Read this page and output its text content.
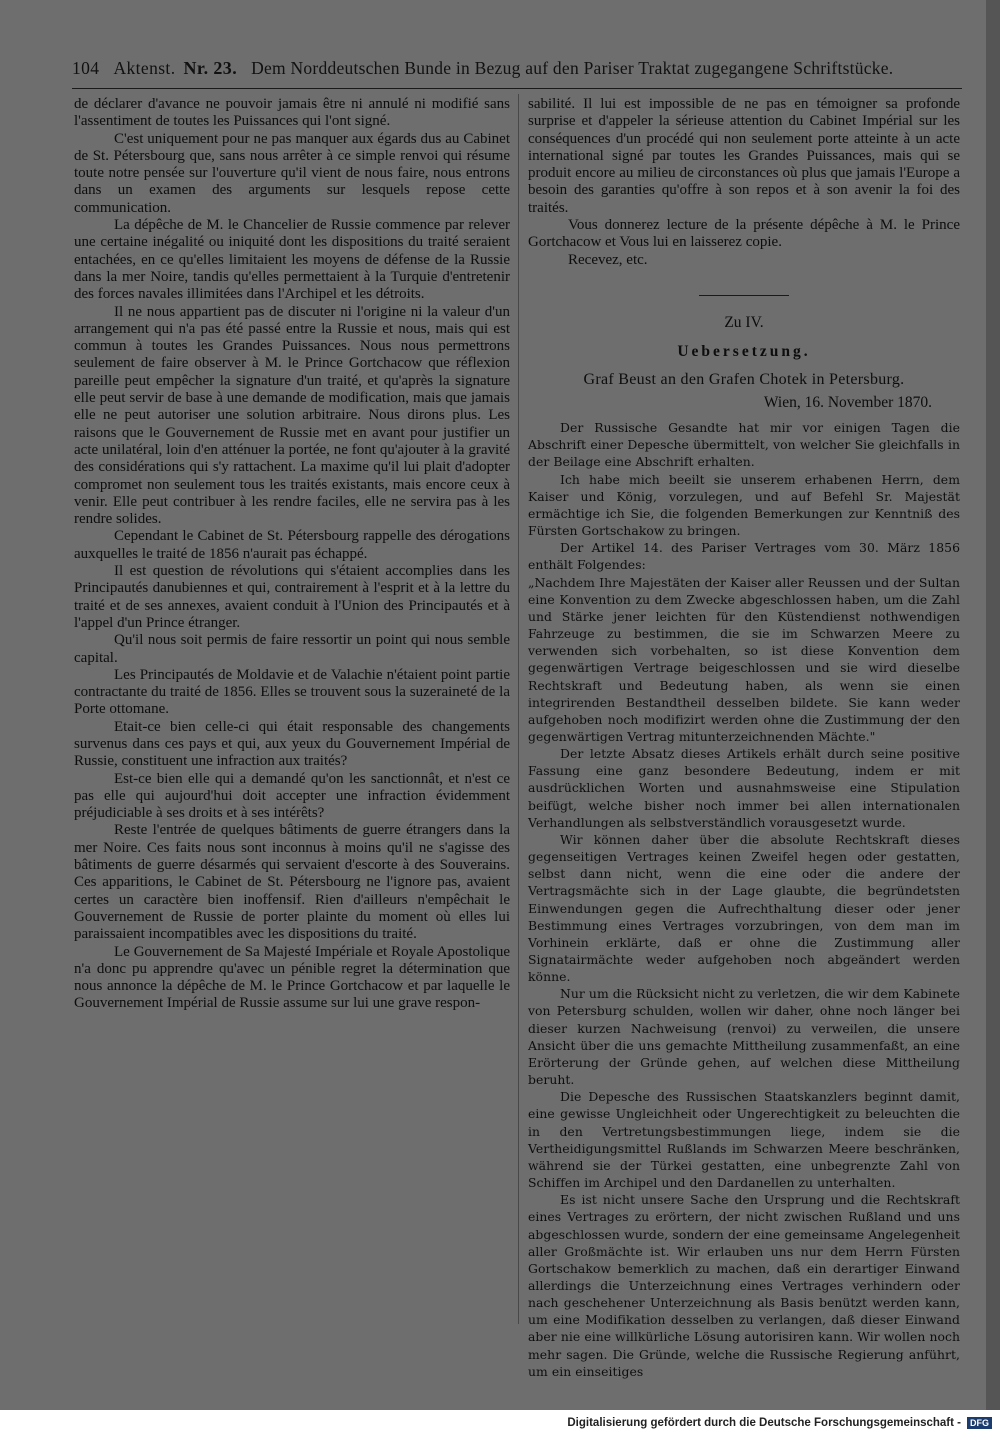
104 Aktenst. Nr. 23. Dem Norddeutschen Bunde in Bezug auf den Pariser Traktat zugegangene Schriftstücke.

de déclarer d'avance ne pouvoir jamais être ni annulé ni modifié sans l'assentiment de toutes les Puissances qui l'ont signé.

C'est uniquement pour ne pas manquer aux égards dus au Cabinet de St. Pétersbourg que, sans nous arrêter à ce simple renvoi qui résume toute notre pensée sur l'ouverture qu'il vient de nous faire, nous entrons dans un examen des arguments sur lesquels repose cette communication.

La dépêche de M. le Chancelier de Russie commence par relever une certaine inégalité ou iniquité dont les dispositions du traité seraient entachées, en ce qu'elles limitaient les moyens de défense de la Russie dans la mer Noire, tandis qu'elles permettaient à la Turquie d'entretenir des forces navales illimitées dans l'Archipel et les détroits.

Il ne nous appartient pas de discuter ni l'origine ni la valeur d'un arrangement qui n'a pas été passé entre la Russie et nous, mais qui est commun à toutes les Grandes Puissances. Nous nous permettrons seulement de faire observer à M. le Prince Gortchacow que réflexion pareille peut empêcher la signature d'un traité, et qu'après la signature elle peut servir de base à une demande de modification, mais que jamais elle ne peut autoriser une solution arbitraire. Nous dirons plus. Les raisons que le Gouvernement de Russie met en avant pour justifier un acte unilatéral, loin d'en atténuer la portée, ne font qu'ajouter à la gravité des considérations qui s'y rattachent. La maxime qu'il lui plait d'adopter compromet non seulement tous les traités existants, mais encore ceux à venir. Elle peut contribuer à les rendre faciles, elle ne servira pas à les rendre solides.

Cependant le Cabinet de St. Pétersbourg rappelle des dérogations auxquelles le traité de 1856 n'aurait pas échappé.

Il est question de révolutions qui s'étaient accomplies dans les Principautés danubiennes et qui, contrairement à l'esprit et à la lettre du traité et de ses annexes, avaient conduit à l'Union des Principautés et à l'appel d'un Prince étranger.

Qu'il nous soit permis de faire ressortir un point qui nous semble capital.

Les Principautés de Moldavie et de Valachie n'étaient point partie contractante du traité de 1856. Elles se trouvent sous la suzeraineté de la Porte ottomane.

Etait-ce bien celle-ci qui était responsable des changements survenus dans ces pays et qui, aux yeux du Gouvernement Impérial de Russie, constituent une infraction aux traités?

Est-ce bien elle qui a demandé qu'on les sanctionnât, et n'est ce pas elle qui aujourd'hui doit accepter une infraction évidemment préjudiciable à ses droits et à ses intérêts?

Reste l'entrée de quelques bâtiments de guerre étrangers dans la mer Noire. Ces faits nous sont inconnus à moins qu'il ne s'agisse des bâtiments de guerre désarmés qui servaient d'escorte à des Souverains. Ces apparitions, le Cabinet de St. Pétersbourg ne l'ignore pas, avaient certes un caractère bien inoffensif. Rien d'ailleurs n'empêchait le Gouvernement de Russie de porter plainte du moment où elles lui paraissaient incompatibles avec les dispositions du traité.

Le Gouvernement de Sa Majesté Impériale et Royale Apostolique n'a donc pu apprendre qu'avec un pénible regret la détermination que nous annonce la dépêche de M. le Prince Gortchacow et par laquelle le Gouvernement Impérial de Russie assume sur lui une grave respon-

sabilité. Il lui est impossible de ne pas en témoigner sa profonde surprise et d'appeler la sérieuse attention du Cabinet Impérial sur les conséquences d'un procédé qui non seulement porte atteinte à un acte international signé par toutes les Grandes Puissances, mais qui se produit encore au milieu de circonstances où plus que jamais l'Europe a besoin des garanties qu'offre à son repos et à son avenir la foi des traités.

Vous donnerez lecture de la présente dépêche à M. le Prince Gortchacow et Vous lui en laisserez copie.

Recevez, etc.

Zu IV.
Uebersetzung.
Graf Beust an den Grafen Chotek in Petersburg.
Wien, 16. November 1870.

Der Russische Gesandte hat mir vor einigen Tagen die Abschrift einer Depesche übermittelt, von welcher Sie gleichfalls in der Beilage eine Abschrift erhalten.

Ich habe mich beeilt sie unserem erhabenen Herrn, dem Kaiser und König, vorzulegen, und auf Befehl Sr. Majestät ermächtige ich Sie, die folgenden Bemerkungen zur Kenntniß des Fürsten Gortschakow zu bringen.

Der Artikel 14. des Pariser Vertrages vom 30. März 1856 enthält Folgendes:

„Nachdem Ihre Majestäten der Kaiser aller Reussen und der Sultan eine Konvention zu dem Zwecke abgeschlossen haben, um die Zahl und Stärke jener leichten für den Küstendienst nothwendigen Fahrzeuge zu bestimmen, die sie im Schwarzen Meere zu verwenden sich vorbehalten, so ist diese Konvention dem gegenwärtigen Vertrage beigeschlossen und sie wird dieselbe Rechtskraft und Bedeutung haben, als wenn sie einen integrirenden Bestandtheil desselben bildete. Sie kann weder aufgehoben noch modifizirt werden ohne die Zustimmung der den gegenwärtigen Vertrag mitunterzeichnenden Mächte."

Der letzte Absatz dieses Artikels erhält durch seine positive Fassung eine ganz besondere Bedeutung, indem er mit ausdrücklichen Worten und ausnahmsweise eine Stipulation beifügt, welche bisher noch immer bei allen internationalen Verhandlungen als selbstverständlich vorausgesetzt wurde.

Wir können daher über die absolute Rechtskraft dieses gegenseitigen Vertrages keinen Zweifel hegen oder gestatten, selbst dann nicht, wenn die eine oder die andere der Vertragsmächte sich in der Lage glaubte, die begründetsten Einwendungen gegen die Aufrechthaltung dieser oder jener Bestimmung eines Vertrages vorzubringen, von dem man im Vorhinein erklärte, daß er ohne die Zustimmung aller Signatairmächte weder aufgehoben noch abgeändert werden könne.

Nur um die Rücksicht nicht zu verletzen, die wir dem Kabinete von Petersburg schulden, wollen wir daher, ohne noch länger bei dieser kurzen Nachweisung (renvoi) zu verweilen, die unsere Ansicht über die uns gemachte Mittheilung zusammenfaßt, an eine Erörterung der Gründe gehen, auf welchen diese Mittheilung beruht.

Die Depesche des Russischen Staatskanzlers beginnt damit, eine gewisse Ungleichheit oder Ungerechtigkeit zu beleuchten die in den Vertretungsbestimmungen liege, indem sie die Vertheidigungsmittel Rußlands im Schwarzen Meere beschränken, während sie der Türkei gestatten, eine unbegrenzte Zahl von Schiffen im Archipel und den Dardanellen zu unterhalten.

Es ist nicht unsere Sache den Ursprung und die Rechtskraft eines Vertrages zu erörtern, der nicht zwischen Rußland und uns abgeschlossen wurde, sondern der eine gemeinsame Angelegenheit aller Großmächte ist. Wir erlauben uns nur dem Herrn Fürsten Gortschakow bemerklich zu machen, daß ein derartiger Einwand allerdings die Unterzeichnung eines Vertrages verhindern oder nach geschehener Unterzeichnung als Basis benützt werden kann, um eine Modifikation desselben zu verlangen, daß dieser Einwand aber nie eine willkürliche Lösung autorisiren kann. Wir wollen noch mehr sagen. Die Gründe, welche die Russische Regierung anführt, um ein einseitiges

Digitalisierung gefördert durch die Deutsche Forschungsgemeinschaft -	DFG
